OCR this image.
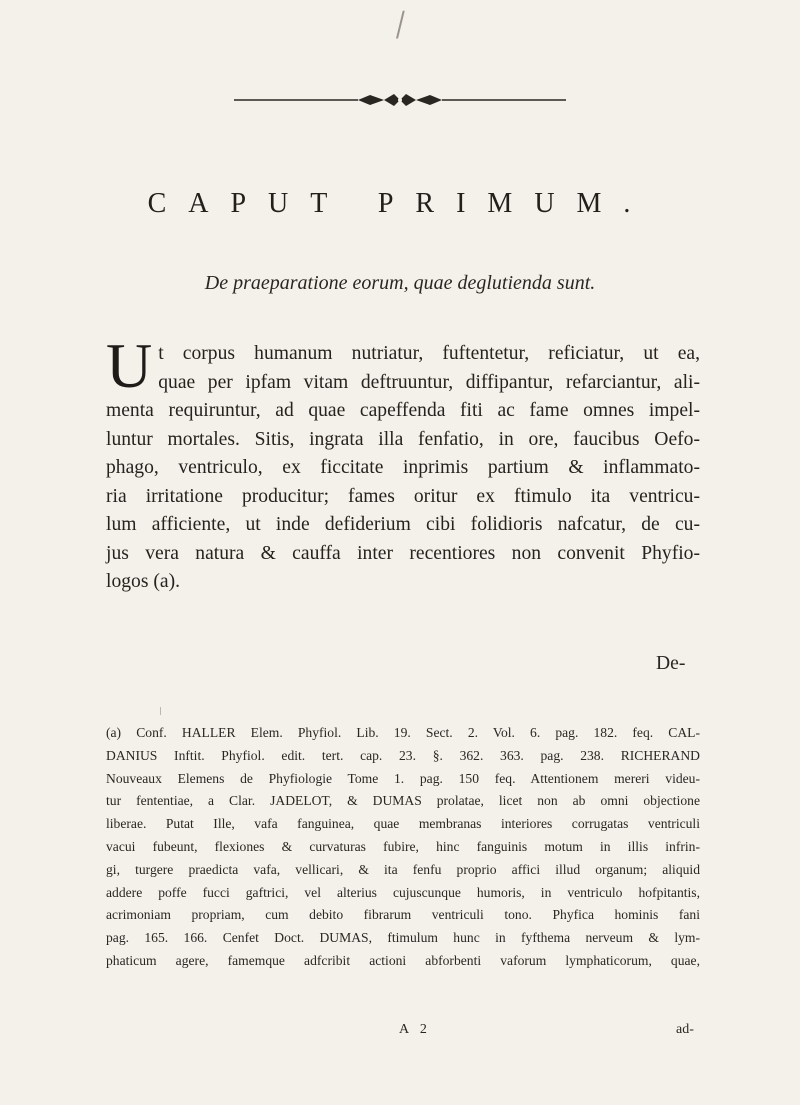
/
CAPUT PRIMUM.
De praeparatione eorum, quae deglutienda sunt.
U t corpus humanum nutriatur, fuftentetur, reficiatur, ut ea,
quae per ipfam vitam deftruuntur, diffipantur, refarciantur, ali-
menta requiruntur, ad quae capeffenda fiti ac fame omnes impel-
luntur mortales. Sitis, ingrata illa fenfatio, in ore, faucibus Oefo-
phago, ventriculo, ex ficcitate inprimis partium & inflammato-
ria irritatione producitur; fames oritur ex ftimulo ita ventricu-
lum afficiente, ut inde defiderium cibi folidioris nafcatur, de cu-
jus vera natura & cauffa inter recentiores non convenit Phyfio-
logos (a).
De-
(a) Conf. HALLER Elem. Phyfiol. Lib. 19. Sect. 2. Vol. 6. pag. 182. feq. CAL-
DANIUS Inftit. Phyfiol. edit. tert. cap. 23. §. 362. 363. pag. 238. RICHERAND
Nouveaux Elemens de Phyfiologie Tome 1. pag. 150 feq. Attentionem mereri videu-
tur fententiae, a Clar. JADELOT, & DUMAS prolatae, licet non ab omni objectione
liberae. Putat Ille, vafa fanguinea, quae membranas interiores corrugatas ventriculi
vacui fubeunt, flexiones & curvaturas fubire, hinc fanguinis motum in illis infrin-
gi, turgere praedicta vafa, vellicari, & ita fenfu proprio affici illud organum; aliquid
addere poffe fucci gaftrici, vel alterius cujuscunque humoris, in ventriculo hofpitantis,
acrimoniam propriam, cum debito fibrarum ventriculi tono. Phyfica hominis fani
pag. 165. 166. Cenfet Doct. DUMAS, ftimulum hunc in fyfthema nerveum & lym-
phaticum agere, famemque adfcribit actioni abforbenti vaforum lymphaticorum, quae,
A 2	ad-
